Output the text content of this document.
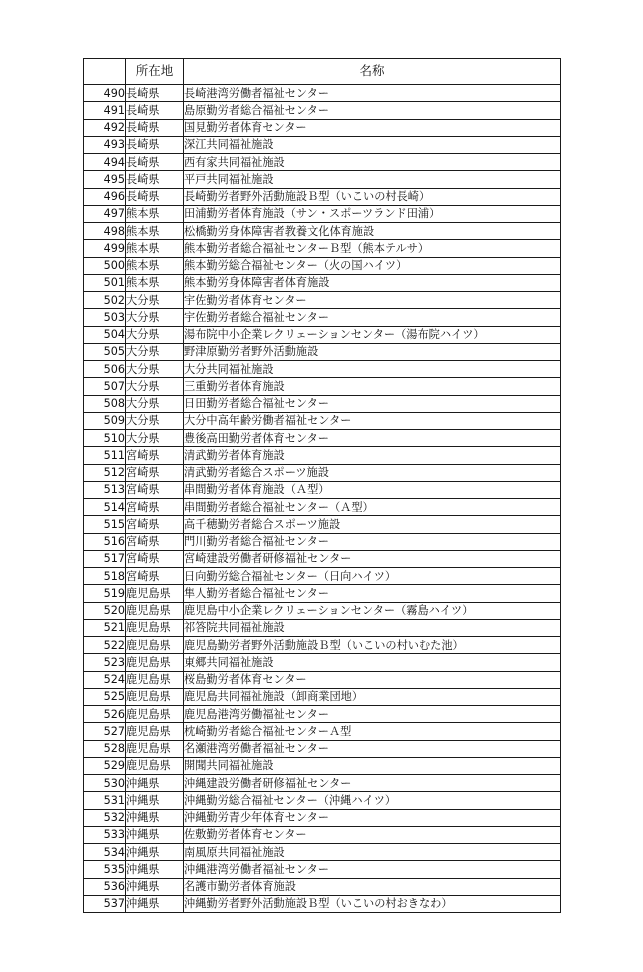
	所在地	名称
490	長崎県	長崎港湾労働者福祉センター
491	長崎県	島原勤労者総合福祉センター
492	長崎県	国見勤労者体育センター
493	長崎県	深江共同福祉施設
494	長崎県	西有家共同福祉施設
495	長崎県	平戸共同福祉施設
496	長崎県	長崎勤労者野外活動施設Ｂ型（いこいの村長崎）
497	熊本県	田浦勤労者体育施設（サン・スポーツランド田浦）
498	熊本県	松橋勤労身体障害者教養文化体育施設
499	熊本県	熊本勤労者総合福祉センターＢ型（熊本テルサ）
500	熊本県	熊本勤労総合福祉センター（火の国ハイツ）
501	熊本県	熊本勤労身体障害者体育施設
502	大分県	宇佐勤労者体育センター
503	大分県	宇佐勤労者総合福祉センター
504	大分県	湯布院中小企業レクリェーションセンター（湯布院ハイツ）
505	大分県	野津原勤労者野外活動施設
506	大分県	大分共同福祉施設
507	大分県	三重勤労者体育施設
508	大分県	日田勤労者総合福祉センター
509	大分県	大分中高年齢労働者福祉センター
510	大分県	豊後高田勤労者体育センター
511	宮崎県	清武勤労者体育施設
512	宮崎県	清武勤労者総合スポーツ施設
513	宮崎県	串間勤労者体育施設（Ａ型）
514	宮崎県	串間勤労者総合福祉センター（Ａ型）
515	宮崎県	高千穂勤労者総合スポーツ施設
516	宮崎県	門川勤労者総合福祉センター
517	宮崎県	宮崎建設労働者研修福祉センター
518	宮崎県	日向勤労総合福祉センター（日向ハイツ）
519	鹿児島県	隼人勤労者総合福祉センター
520	鹿児島県	鹿児島中小企業レクリェーションセンター（霧島ハイツ）
521	鹿児島県	祁答院共同福祉施設
522	鹿児島県	鹿児島勤労者野外活動施設Ｂ型（いこいの村いむた池）
523	鹿児島県	東郷共同福祉施設
524	鹿児島県	桜島勤労者体育センター
525	鹿児島県	鹿児島共同福祉施設（卸商業団地）
526	鹿児島県	鹿児島港湾労働福祉センター
527	鹿児島県	枕崎勤労者総合福祉センターＡ型
528	鹿児島県	名瀬港湾労働者福祉センター
529	鹿児島県	開聞共同福祉施設
530	沖縄県	沖縄建設労働者研修福祉センター
531	沖縄県	沖縄勤労総合福祉センター（沖縄ハイツ）
532	沖縄県	沖縄勤労青少年体育センター
533	沖縄県	佐敷勤労者体育センター
534	沖縄県	南風原共同福祉施設
535	沖縄県	沖縄港湾労働者福祉センター
536	沖縄県	名護市勤労者体育施設
537	沖縄県	沖縄勤労者野外活動施設Ｂ型（いこいの村おきなわ）
